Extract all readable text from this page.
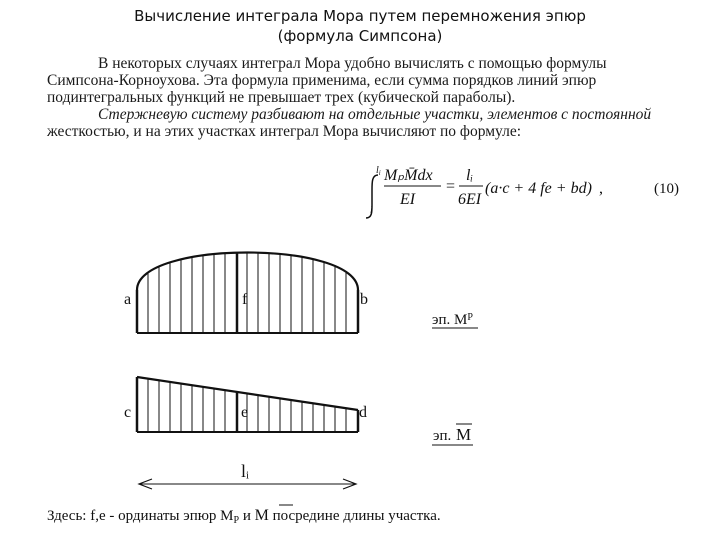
Вычисление интеграла Мора путем перемножения эпюр
(формула Симпсона)
В некоторых случаях интеграл Мора удобно вычислять с помощью формулы
Симпсона-Корноухова. Эта формула применима, если сумма порядков линий эпюр
подинтегральных функций не превышает трех (кубической параболы).
Стержневую систему разбивают на отдельные участки, элементов с постоянной
жесткостью, и на этих участках интеграл Мора вычисляют по формуле:
$l_i$
l
MₚM̄dx
EI
=
lᵢ
6EI
(a·c + 4 fe + bd) ,	(10)
a	f	b
c	e	d
эп. $M^P$
эп. M
lᵢ
Здесь: f,e - ординаты эпюр $M_P$ и M посредине длины участка.
